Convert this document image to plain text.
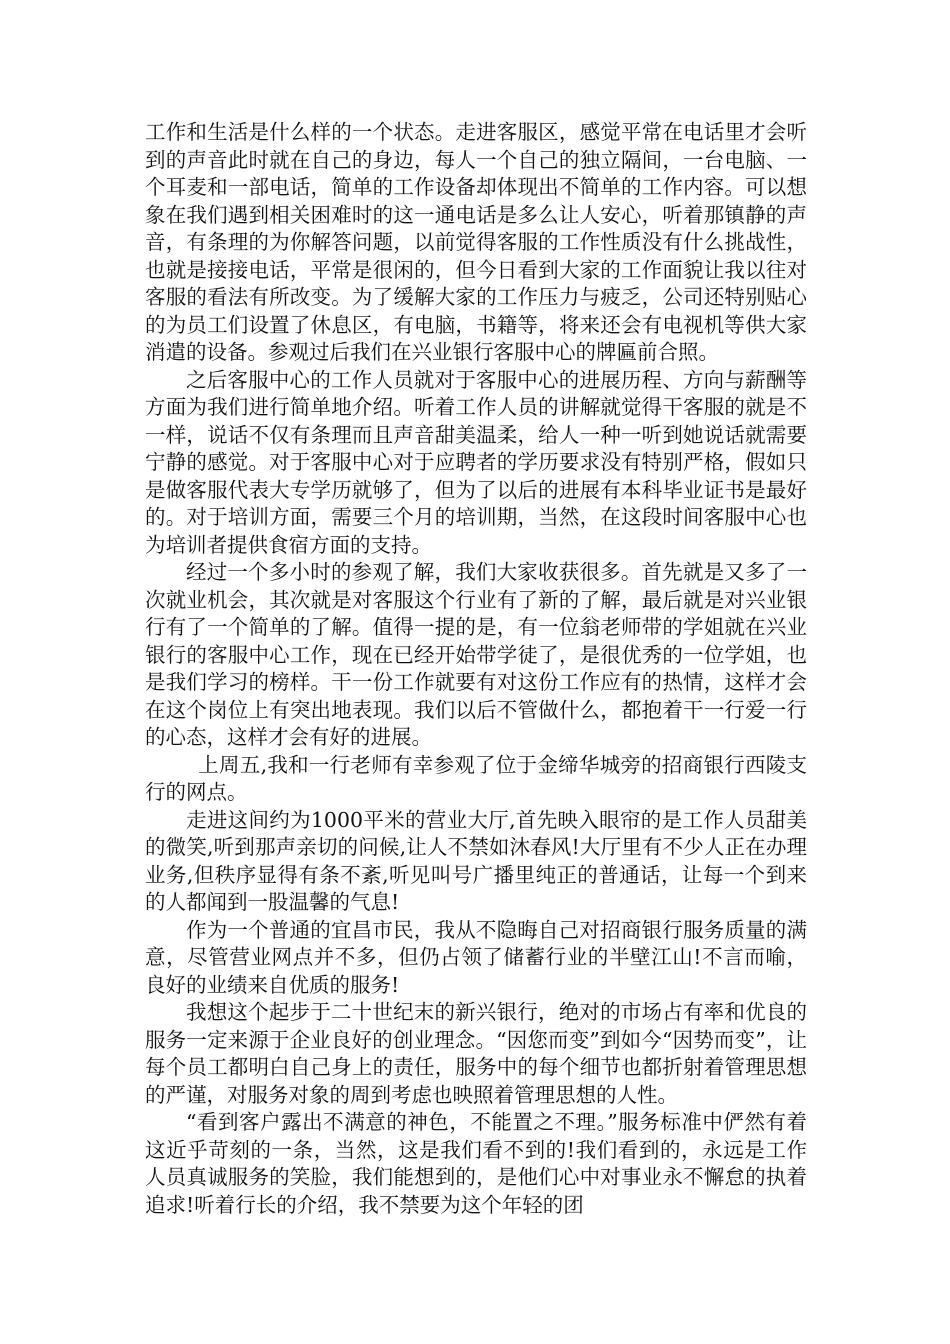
工作和生活是什么样的一个状态。走进客服区，感觉平常在电话里才会听到的声音此时就在自己的身边，每人一个自己的独立隔间，一台电脑、一个耳麦和一部电话，简单的工作设备却体现出不简单的工作内容。可以想象在我们遇到相关困难时的这一通电话是多么让人安心，听着那镇静的声音，有条理的为你解答问题，以前觉得客服的工作性质没有什么挑战性，也就是接接电话，平常是很闲的，但今日看到大家的工作面貌让我以往对客服的看法有所改变。为了缓解大家的工作压力与疲乏，公司还特别贴心的为员工们设置了休息区，有电脑，书籍等，将来还会有电视机等供大家消遣的设备。参观过后我们在兴业银行客服中心的牌匾前合照。

之后客服中心的工作人员就对于客服中心的进展历程、方向与薪酬等方面为我们进行简单地介绍。听着工作人员的讲解就觉得干客服的就是不一样，说话不仅有条理而且声音甜美温柔，给人一种一听到她说话就需要宁静的感觉。对于客服中心对于应聘者的学历要求没有特别严格，假如只是做客服代表大专学历就够了，但为了以后的进展有本科毕业证书是最好的。对于培训方面，需要三个月的培训期，当然，在这段时间客服中心也为培训者提供食宿方面的支持。

经过一个多小时的参观了解，我们大家收获很多。首先就是又多了一次就业机会，其次就是对客服这个行业有了新的了解，最后就是对兴业银行有了一个简单的了解。值得一提的是，有一位翁老师带的学姐就在兴业银行的客服中心工作，现在已经开始带学徒了，是很优秀的一位学姐，也是我们学习的榜样。干一份工作就要有对这份工作应有的热情，这样才会在这个岗位上有突出地表现。我们以后不管做什么，都抱着干一行爱一行的心态，这样才会有好的进展。

上周五,我和一行老师有幸参观了位于金缔华城旁的招商银行西陵支行的网点。

走进这间约为1000平米的营业大厅,首先映入眼帘的是工作人员甜美的微笑,听到那声亲切的问候,让人不禁如沐春风!大厅里有不少人正在办理业务,但秩序显得有条不紊,听见叫号广播里纯正的普通话，让每一个到来的人都闻到一股温馨的气息!

作为一个普通的宜昌市民，我从不隐晦自己对招商银行服务质量的满意，尽管营业网点并不多，但仍占领了储蓄行业的半壁江山!不言而喻，良好的业绩来自优质的服务!

我想这个起步于二十世纪末的新兴银行，绝对的市场占有率和优良的服务一定来源于企业良好的创业理念。“因您而变”到如今“因势而变”，让每个员工都明白自己身上的责任，服务中的每个细节也都折射着管理思想的严谨，对服务对象的周到考虑也映照着管理思想的人性。

“看到客户露出不满意的神色，不能置之不理。”服务标准中俨然有着这近乎苛刻的一条，当然，这是我们看不到的!我们看到的，永远是工作人员真诚服务的笑脸，我们能想到的，是他们心中对事业永不懈怠的执着追求!听着行长的介绍，我不禁要为这个年轻的团
